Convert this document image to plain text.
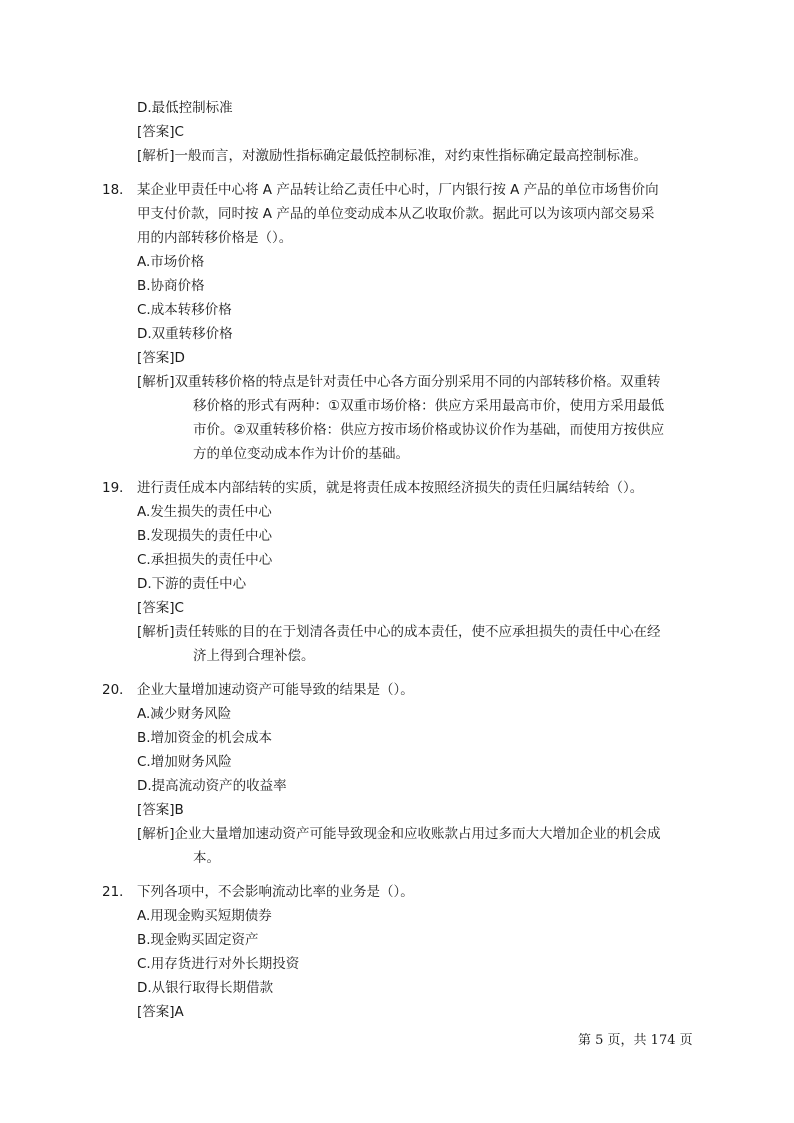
D.最低控制标准
[答案]C
[解析]一般而言，对激励性指标确定最低控制标准，对约束性指标确定最高控制标准。
18． 某企业甲责任中心将 A 产品转让给乙责任中心时，厂内银行按 A 产品的单位市场售价向
甲支付价款，同时按 A 产品的单位变动成本从乙收取价款。据此可以为该项内部交易采
用的内部转移价格是（）。
A.市场价格
B.协商价格
C.成本转移价格
D.双重转移价格
[答案]D
[解析]双重转移价格的特点是针对责任中心各方面分别采用不同的内部转移价格。双重转
移价格的形式有两种：①双重市场价格：供应方采用最高市价，使用方采用最低
市价。②双重转移价格：供应方按市场价格或协议价作为基础，而使用方按供应
方的单位变动成本作为计价的基础。
19． 进行责任成本内部结转的实质，就是将责任成本按照经济损失的责任归属结转给（）。
A.发生损失的责任中心
B.发现损失的责任中心
C.承担损失的责任中心
D.下游的责任中心
[答案]C
[解析]责任转账的目的在于划清各责任中心的成本责任，使不应承担损失的责任中心在经
济上得到合理补偿。
20． 企业大量增加速动资产可能导致的结果是（）。
A.减少财务风险
B.增加资金的机会成本
C.增加财务风险
D.提高流动资产的收益率
[答案]B
[解析]企业大量增加速动资产可能导致现金和应收账款占用过多而大大增加企业的机会成
本。
21． 下列各项中，不会影响流动比率的业务是（）。
A.用现金购买短期债券
B.现金购买固定资产
C.用存货进行对外长期投资
D.从银行取得长期借款
[答案]A
第 5 页，共 174 页
